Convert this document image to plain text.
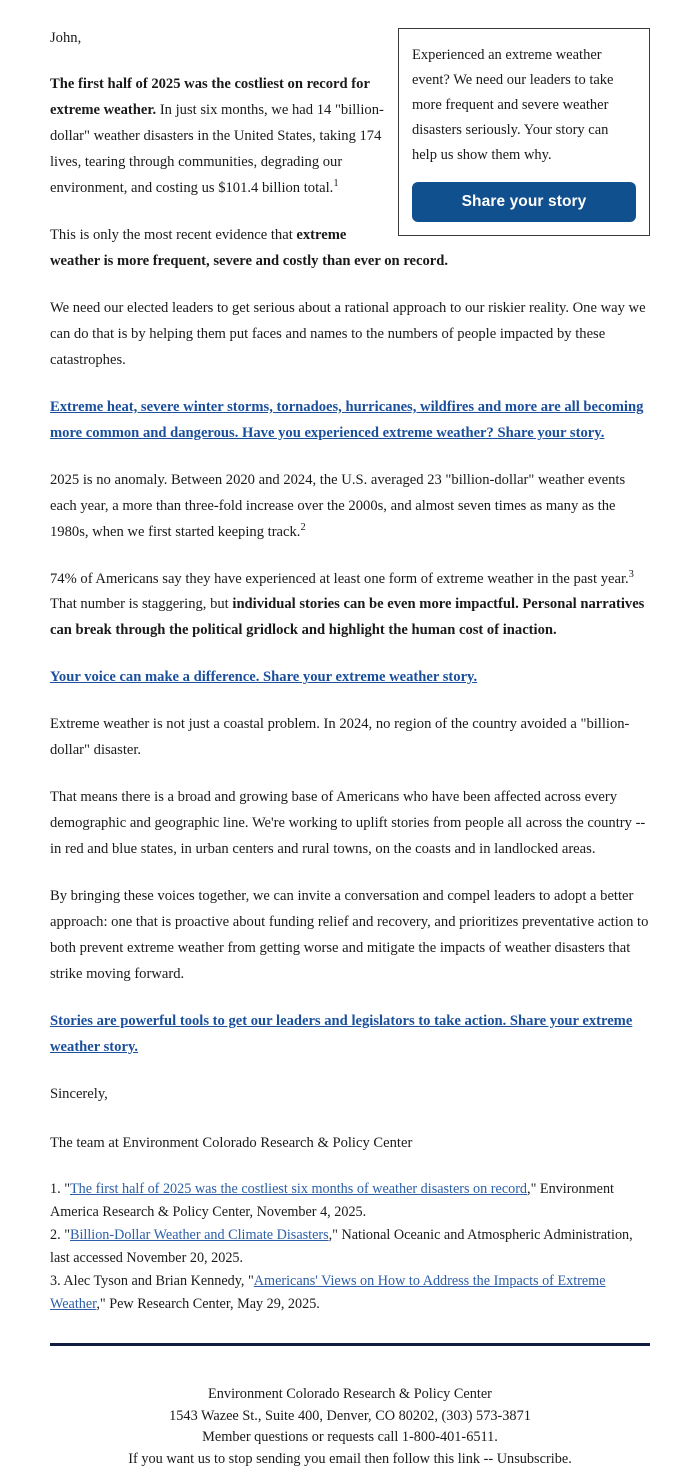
Experienced an extreme weather event? We need our leaders to take more frequent and severe weather disasters seriously. Your story can help us show them why.
Share your story

John,

The first half of 2025 was the costliest on record for extreme weather. In just six months, we had 14 "billion-dollar" weather disasters in the United States, taking 174 lives, tearing through communities, degrading our environment, and costing us $101.4 billion total.$^1$

This is only the most recent evidence that extreme weather is more frequent, severe and costly than ever on record.

We need our elected leaders to get serious about a rational approach to our riskier reality. One way we can do that is by helping them put faces and names to the numbers of people impacted by these catastrophes.

Extreme heat, severe winter storms, tornadoes, hurricanes, wildfires and more are all becoming more common and dangerous. Have you experienced extreme weather? Share your story.

2025 is no anomaly. Between 2020 and 2024, the U.S. averaged 23 "billion-dollar" weather events each year, a more than three-fold increase over the 2000s, and almost seven times as many as the 1980s, when we first started keeping track.$^2$

74% of Americans say they have experienced at least one form of extreme weather in the past year.$^3$ That number is staggering, but individual stories can be even more impactful. Personal narratives can break through the political gridlock and highlight the human cost of inaction.

Your voice can make a difference. Share your extreme weather story.

Extreme weather is not just a coastal problem. In 2024, no region of the country avoided a "billion-dollar" disaster.

That means there is a broad and growing base of Americans who have been affected across every demographic and geographic line. We're working to uplift stories from people all across the country -- in red and blue states, in urban centers and rural towns, on the coasts and in landlocked areas.

By bringing these voices together, we can invite a conversation and compel leaders to adopt a better approach: one that is proactive about funding relief and recovery, and prioritizes preventative action to both prevent extreme weather from getting worse and mitigate the impacts of weather disasters that strike moving forward.

Stories are powerful tools to get our leaders and legislators to take action. Share your extreme weather story.

Sincerely,

The team at Environment Colorado Research & Policy Center

1. "The first half of 2025 was the costliest six months of weather disasters on record," Environment America Research & Policy Center, November 4, 2025.

2. "Billion-Dollar Weather and Climate Disasters," National Oceanic and Atmospheric Administration, last accessed November 20, 2025.

3. Alec Tyson and Brian Kennedy, "Americans' Views on How to Address the Impacts of Extreme Weather," Pew Research Center, May 29, 2025.

Environment Colorado Research & Policy Center
1543 Wazee St., Suite 400, Denver, CO 80202, (303) 573-3871
Member questions or requests call 1-800-401-6511.
If you want us to stop sending you email then follow this link -- Unsubscribe.
